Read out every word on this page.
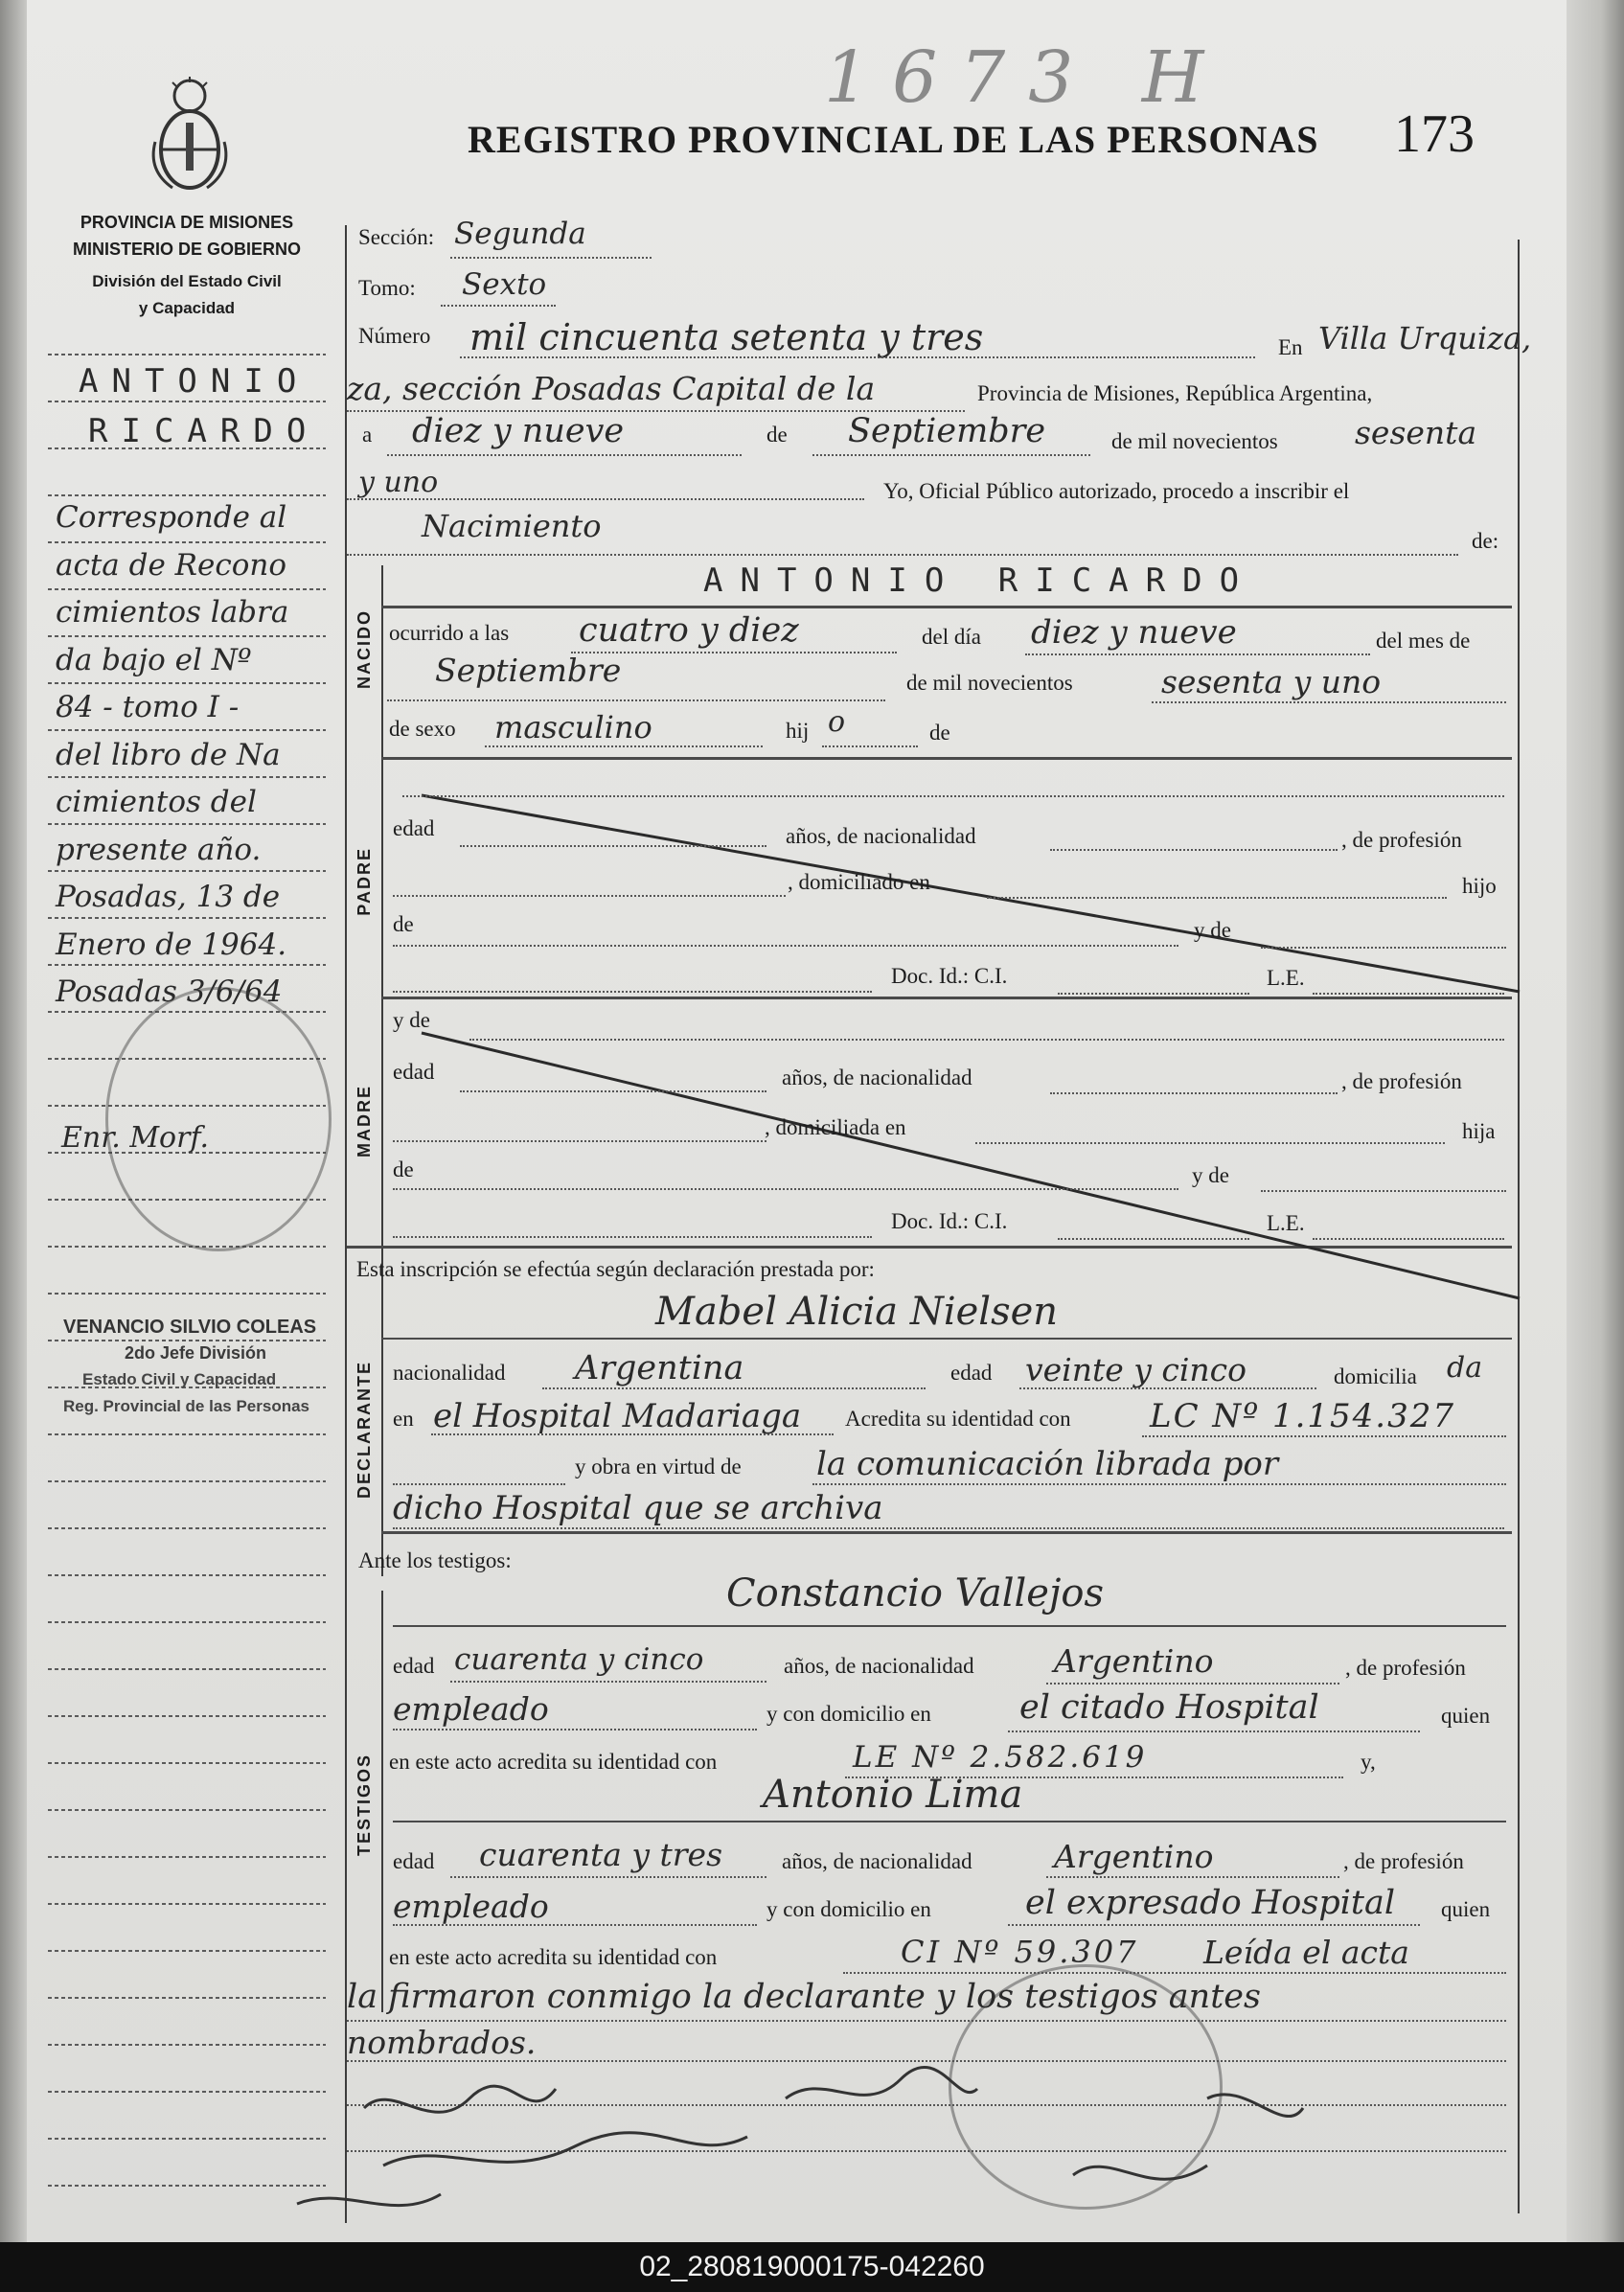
PROVINCIA DE MISIONES
MINISTERIO DE GOBIERNO
División del Estado Civil
y Capacidad
REGISTRO PROVINCIAL DE LAS PERSONAS 173
1673 H
ANTONIO
RICARDO
Corresponde al
acta de Recono
cimientos labra
da bajo el Nº
84 - tomo I -
del libro de Na
cimientos del
presente año.
Posadas, 13 de
Enero de 1964.
Posadas 3/6/64
Enr. Morf.
VENANCIO SILVIO COLEAS
2do Jefe División
Estado Civil y Capacidad
Reg. Provincial de las Personas
NACIDO
PADRE
MADRE
DECLARANTE
TESTIGOS
Sección: Segunda
Tomo: Sexto
Número mil cincuenta setenta y tres	En Villa Urquiza,
za, sección Posadas Capital de la	Provincia de Misiones, República Argentina,
a diez y nueve	de Septiembre	de mil novecientos sesenta
y uno	Yo, Oficial Público autorizado, procedo a inscribir el
Nacimiento	de:
ANTONIO RICARDO
ocurrido a las cuatro y diez	del día diez y nueve	del mes de
Septiembre	de mil novecientos	sesenta y uno
de sexo masculino	hij o	de
edad	años, de nacionalidad	, de profesión
, domiciliado en	hijo
de	y de
Doc. Id.: C.I.	L.E.
y de
edad	años, de nacionalidad	, de profesión
, domiciliada en	hija
de	y de
Doc. Id.: C.I.	L.E.
Esta inscripción se efectúa según declaración prestada por:
Mabel Alicia Nielsen
nacionalidad Argentina	edad veinte y cinco	domicilia da
en el Hospital Madariaga Acredita su identidad con LC Nº 1.154.327
y obra en virtud de la comunicación librada por
dicho Hospital que se archiva
Ante los testigos:
Constancio Vallejos
edad cuarenta y cinco	años, de nacionalidad	Argentino	, de profesión
empleado	y con domicilio en	el citado Hospital	quien
en este acto acredita su identidad con	LE Nº 2.582.619	y,
Antonio Lima
edad cuarenta y tres	años, de nacionalidad	Argentino	, de profesión
empleado	y con domicilio en	el expresado Hospital quien
en este acto acredita su identidad con	CI Nº 59.307 Leída el acta
la firmaron conmigo la declarante y los testigos antes
nombrados.
02_280819000175-042260
